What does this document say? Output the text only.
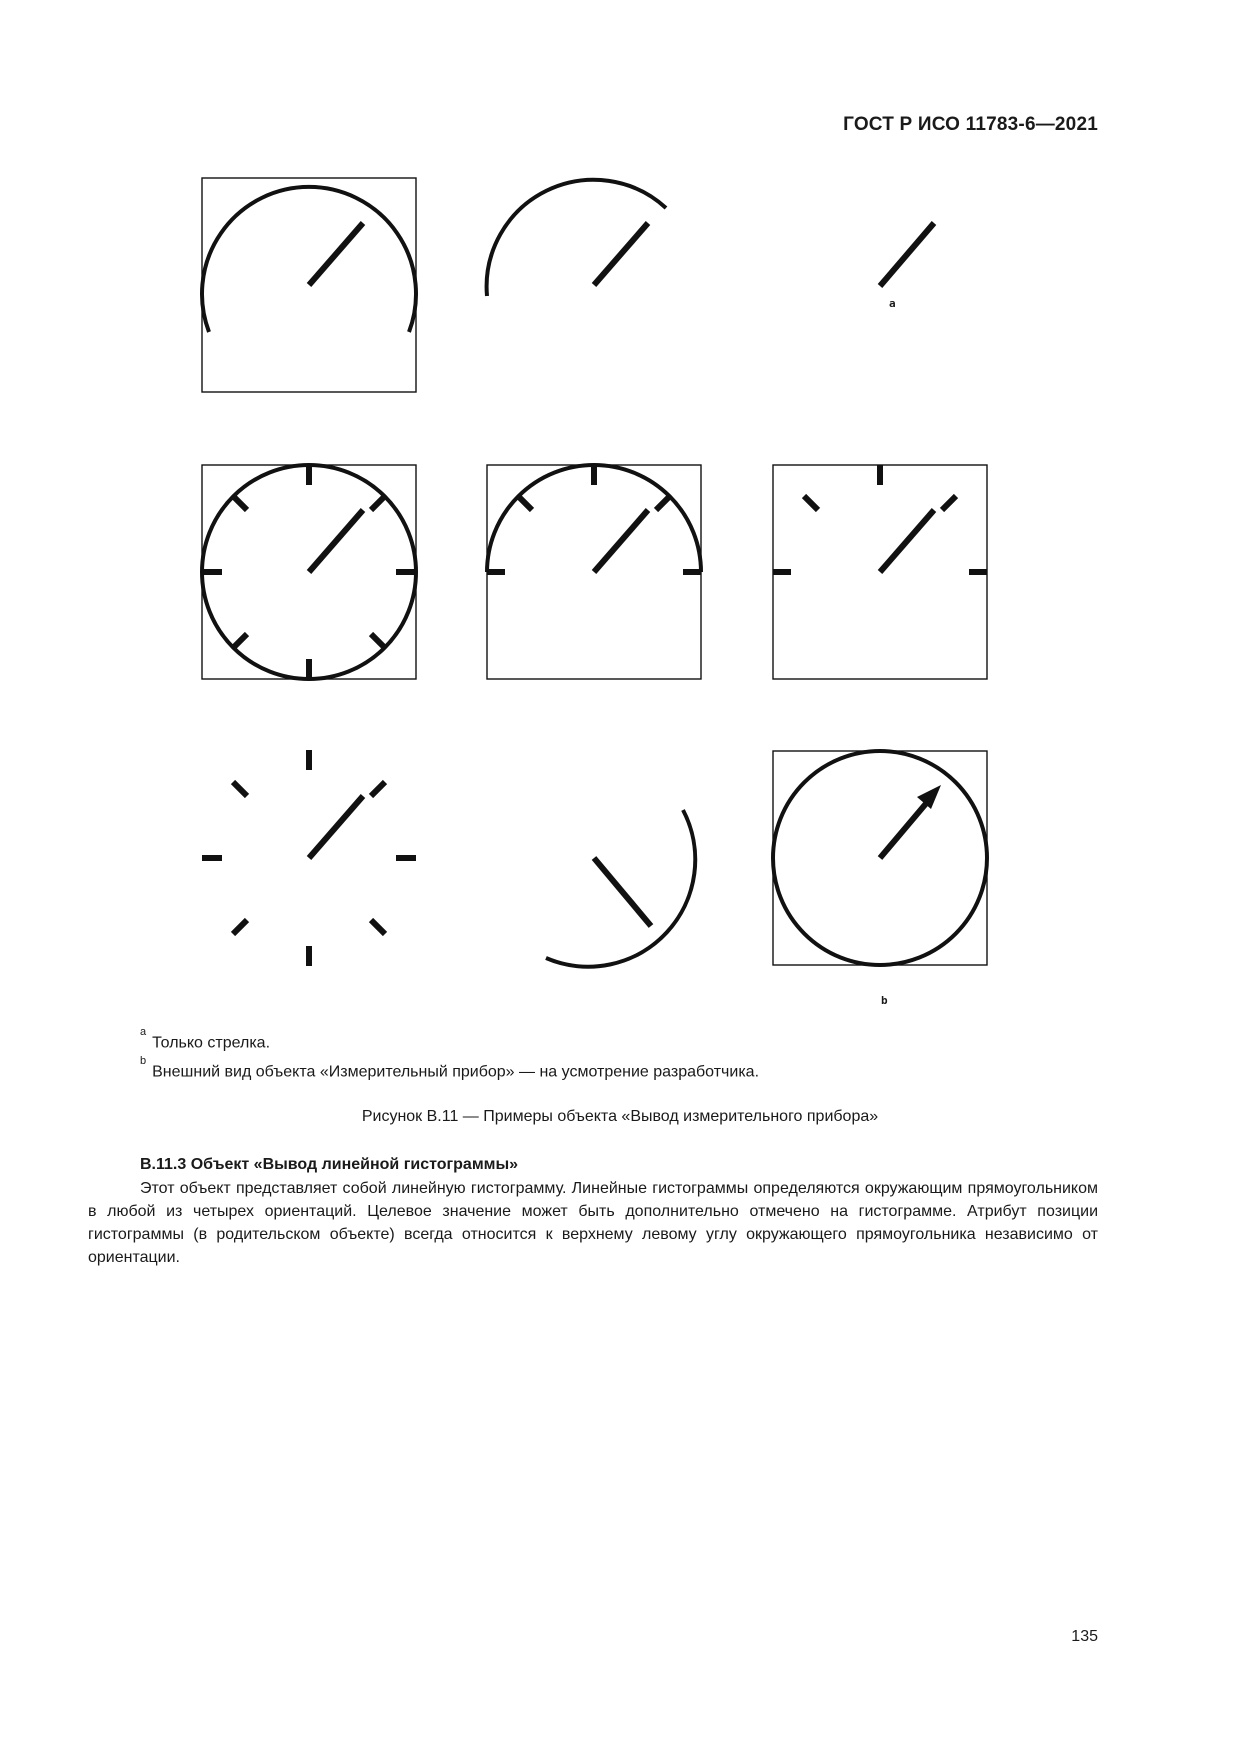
ГОСТ Р ИСО 11783-6—2021
a
b
$^a$Только стрелка.
$^b$Внешний вид объекта «Измерительный прибор» — на усмотрение разработчика.
Рисунок В.11 — Примеры объекта «Вывод измерительного прибора»
В.11.3 Объект «Вывод линейной гистограммы»

Этот объект представляет собой линейную гистограмму. Линейные гистограммы определяются окружающим прямоугольником в любой из четырех ориентаций. Целевое значение может быть дополнительно отмечено на гистограмме. Атрибут позиции гистограммы (в родительском объекте) всегда относится к верхнему левому углу окружающего прямоугольника независимо от ориентации.

135
